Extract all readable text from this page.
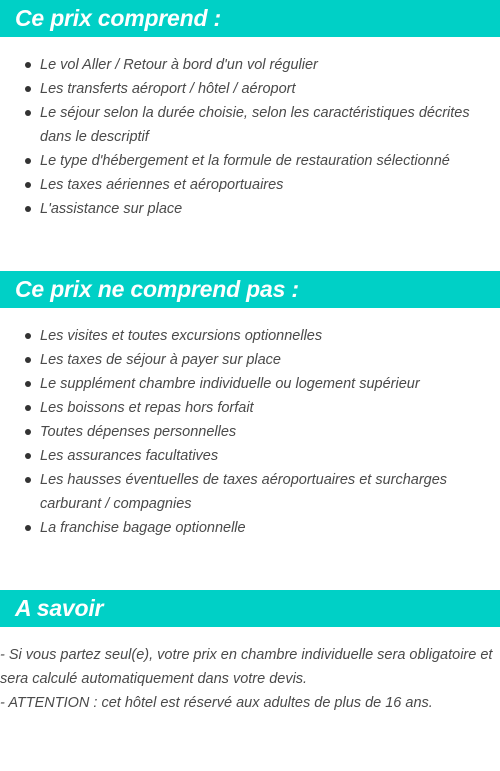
Ce prix comprend :
Le vol Aller / Retour à bord d'un vol régulier
Les transferts aéroport / hôtel / aéroport
Le séjour selon la durée choisie, selon les caractéristiques décrites dans le descriptif
Le type d'hébergement et la formule de restauration sélectionné
Les taxes aériennes et aéroportuaires
L'assistance sur place
Ce prix ne comprend pas :
Les visites et toutes excursions optionnelles
Les taxes de séjour à payer sur place
Le supplément chambre individuelle ou logement supérieur
Les boissons et repas hors forfait
Toutes dépenses personnelles
Les assurances facultatives
Les hausses éventuelles de taxes aéroportuaires et surcharges carburant / compagnies
La franchise bagage optionnelle
A savoir

- Si vous partez seul(e), votre prix en chambre individuelle sera obligatoire et sera calculé automatiquement dans votre devis.

- ATTENTION : cet hôtel est réservé aux adultes de plus de 16 ans.
